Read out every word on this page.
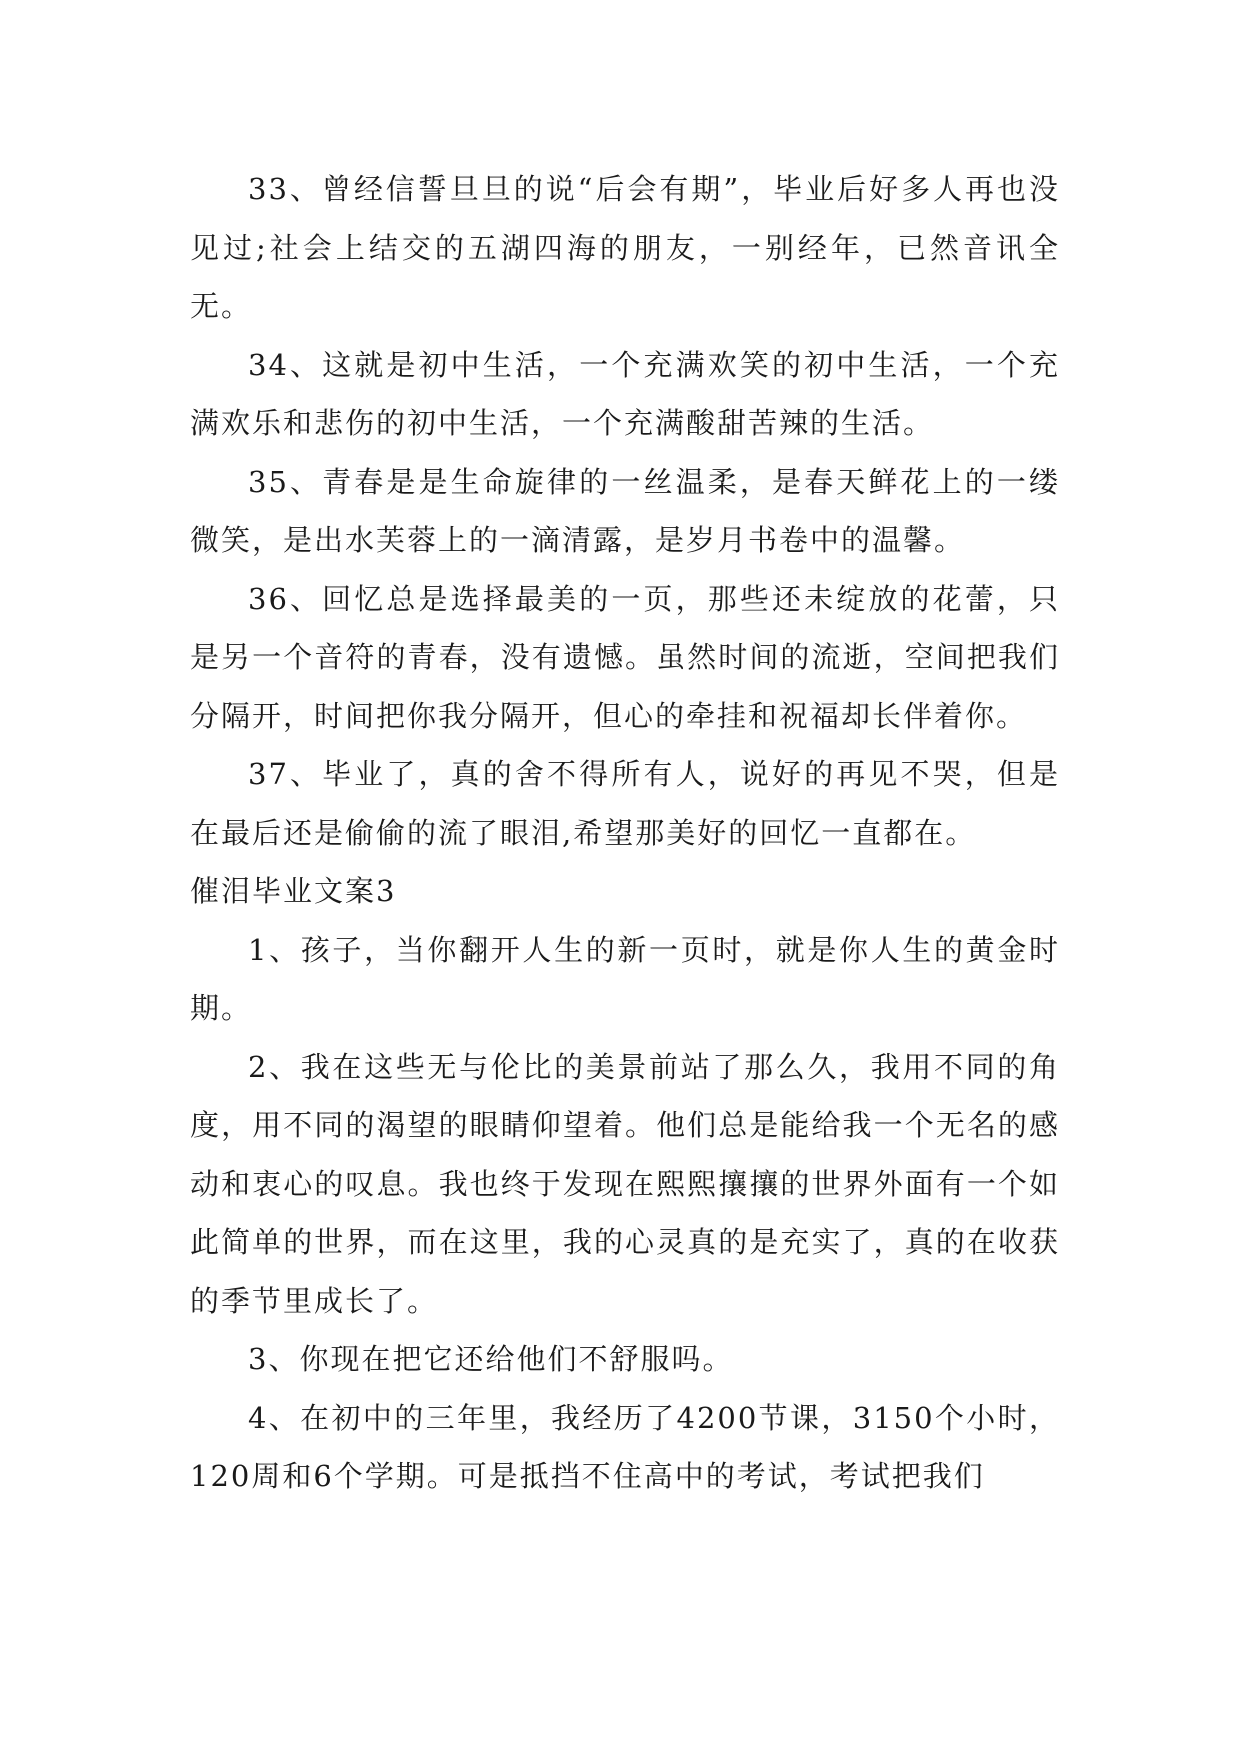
33、曾经信誓旦旦的说“后会有期”，毕业后好多人再也没见过;社会上结交的五湖四海的朋友，一别经年，已然音讯全无。

34、这就是初中生活，一个充满欢笑的初中生活，一个充满欢乐和悲伤的初中生活，一个充满酸甜苦辣的生活。

35、青春是是生命旋律的一丝温柔，是春天鲜花上的一缕微笑，是出水芙蓉上的一滴清露，是岁月书卷中的温馨。

36、回忆总是选择最美的一页，那些还未绽放的花蕾，只是另一个音符的青春，没有遗憾。虽然时间的流逝，空间把我们分隔开，时间把你我分隔开，但心的牵挂和祝福却长伴着你。

37、毕业了，真的舍不得所有人，说好的再见不哭，但是在最后还是偷偷的流了眼泪,希望那美好的回忆一直都在。

催泪毕业文案3

1、孩子，当你翻开人生的新一页时，就是你人生的黄金时期。

2、我在这些无与伦比的美景前站了那么久，我用不同的角度，用不同的渴望的眼睛仰望着。他们总是能给我一个无名的感动和衷心的叹息。我也终于发现在熙熙攘攘的世界外面有一个如此简单的世界，而在这里，我的心灵真的是充实了，真的在收获的季节里成长了。

3、你现在把它还给他们不舒服吗。

4、在初中的三年里，我经历了4200节课，3150个小时，120周和6个学期。可是抵挡不住高中的考试，考试把我们
